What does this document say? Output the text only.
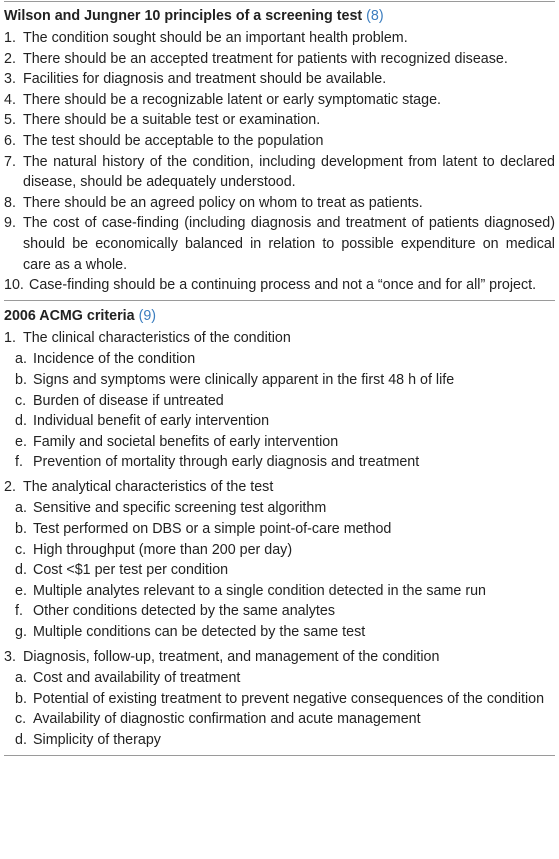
Wilson and Jungner 10 principles of a screening test (8)
1. The condition sought should be an important health problem.
2. There should be an accepted treatment for patients with recognized disease.
3. Facilities for diagnosis and treatment should be available.
4. There should be a recognizable latent or early symptomatic stage.
5. There should be a suitable test or examination.
6. The test should be acceptable to the population
7. The natural history of the condition, including development from latent to declared disease, should be adequately understood.
8. There should be an agreed policy on whom to treat as patients.
9. The cost of case-finding (including diagnosis and treatment of patients diagnosed) should be economically balanced in relation to possible expenditure on medical care as a whole.
10. Case-finding should be a continuing process and not a “once and for all” project.
2006 ACMG criteria (9)
1. The clinical characteristics of the condition
a. Incidence of the condition
b. Signs and symptoms were clinically apparent in the first 48 h of life
c. Burden of disease if untreated
d. Individual benefit of early intervention
e. Family and societal benefits of early intervention
f. Prevention of mortality through early diagnosis and treatment
2. The analytical characteristics of the test
a. Sensitive and specific screening test algorithm
b. Test performed on DBS or a simple point-of-care method
c. High throughput (more than 200 per day)
d. Cost <$1 per test per condition
e. Multiple analytes relevant to a single condition detected in the same run
f. Other conditions detected by the same analytes
g. Multiple conditions can be detected by the same test
3. Diagnosis, follow-up, treatment, and management of the condition
a. Cost and availability of treatment
b. Potential of existing treatment to prevent negative consequences of the condition
c. Availability of diagnostic confirmation and acute management
d. Simplicity of therapy
